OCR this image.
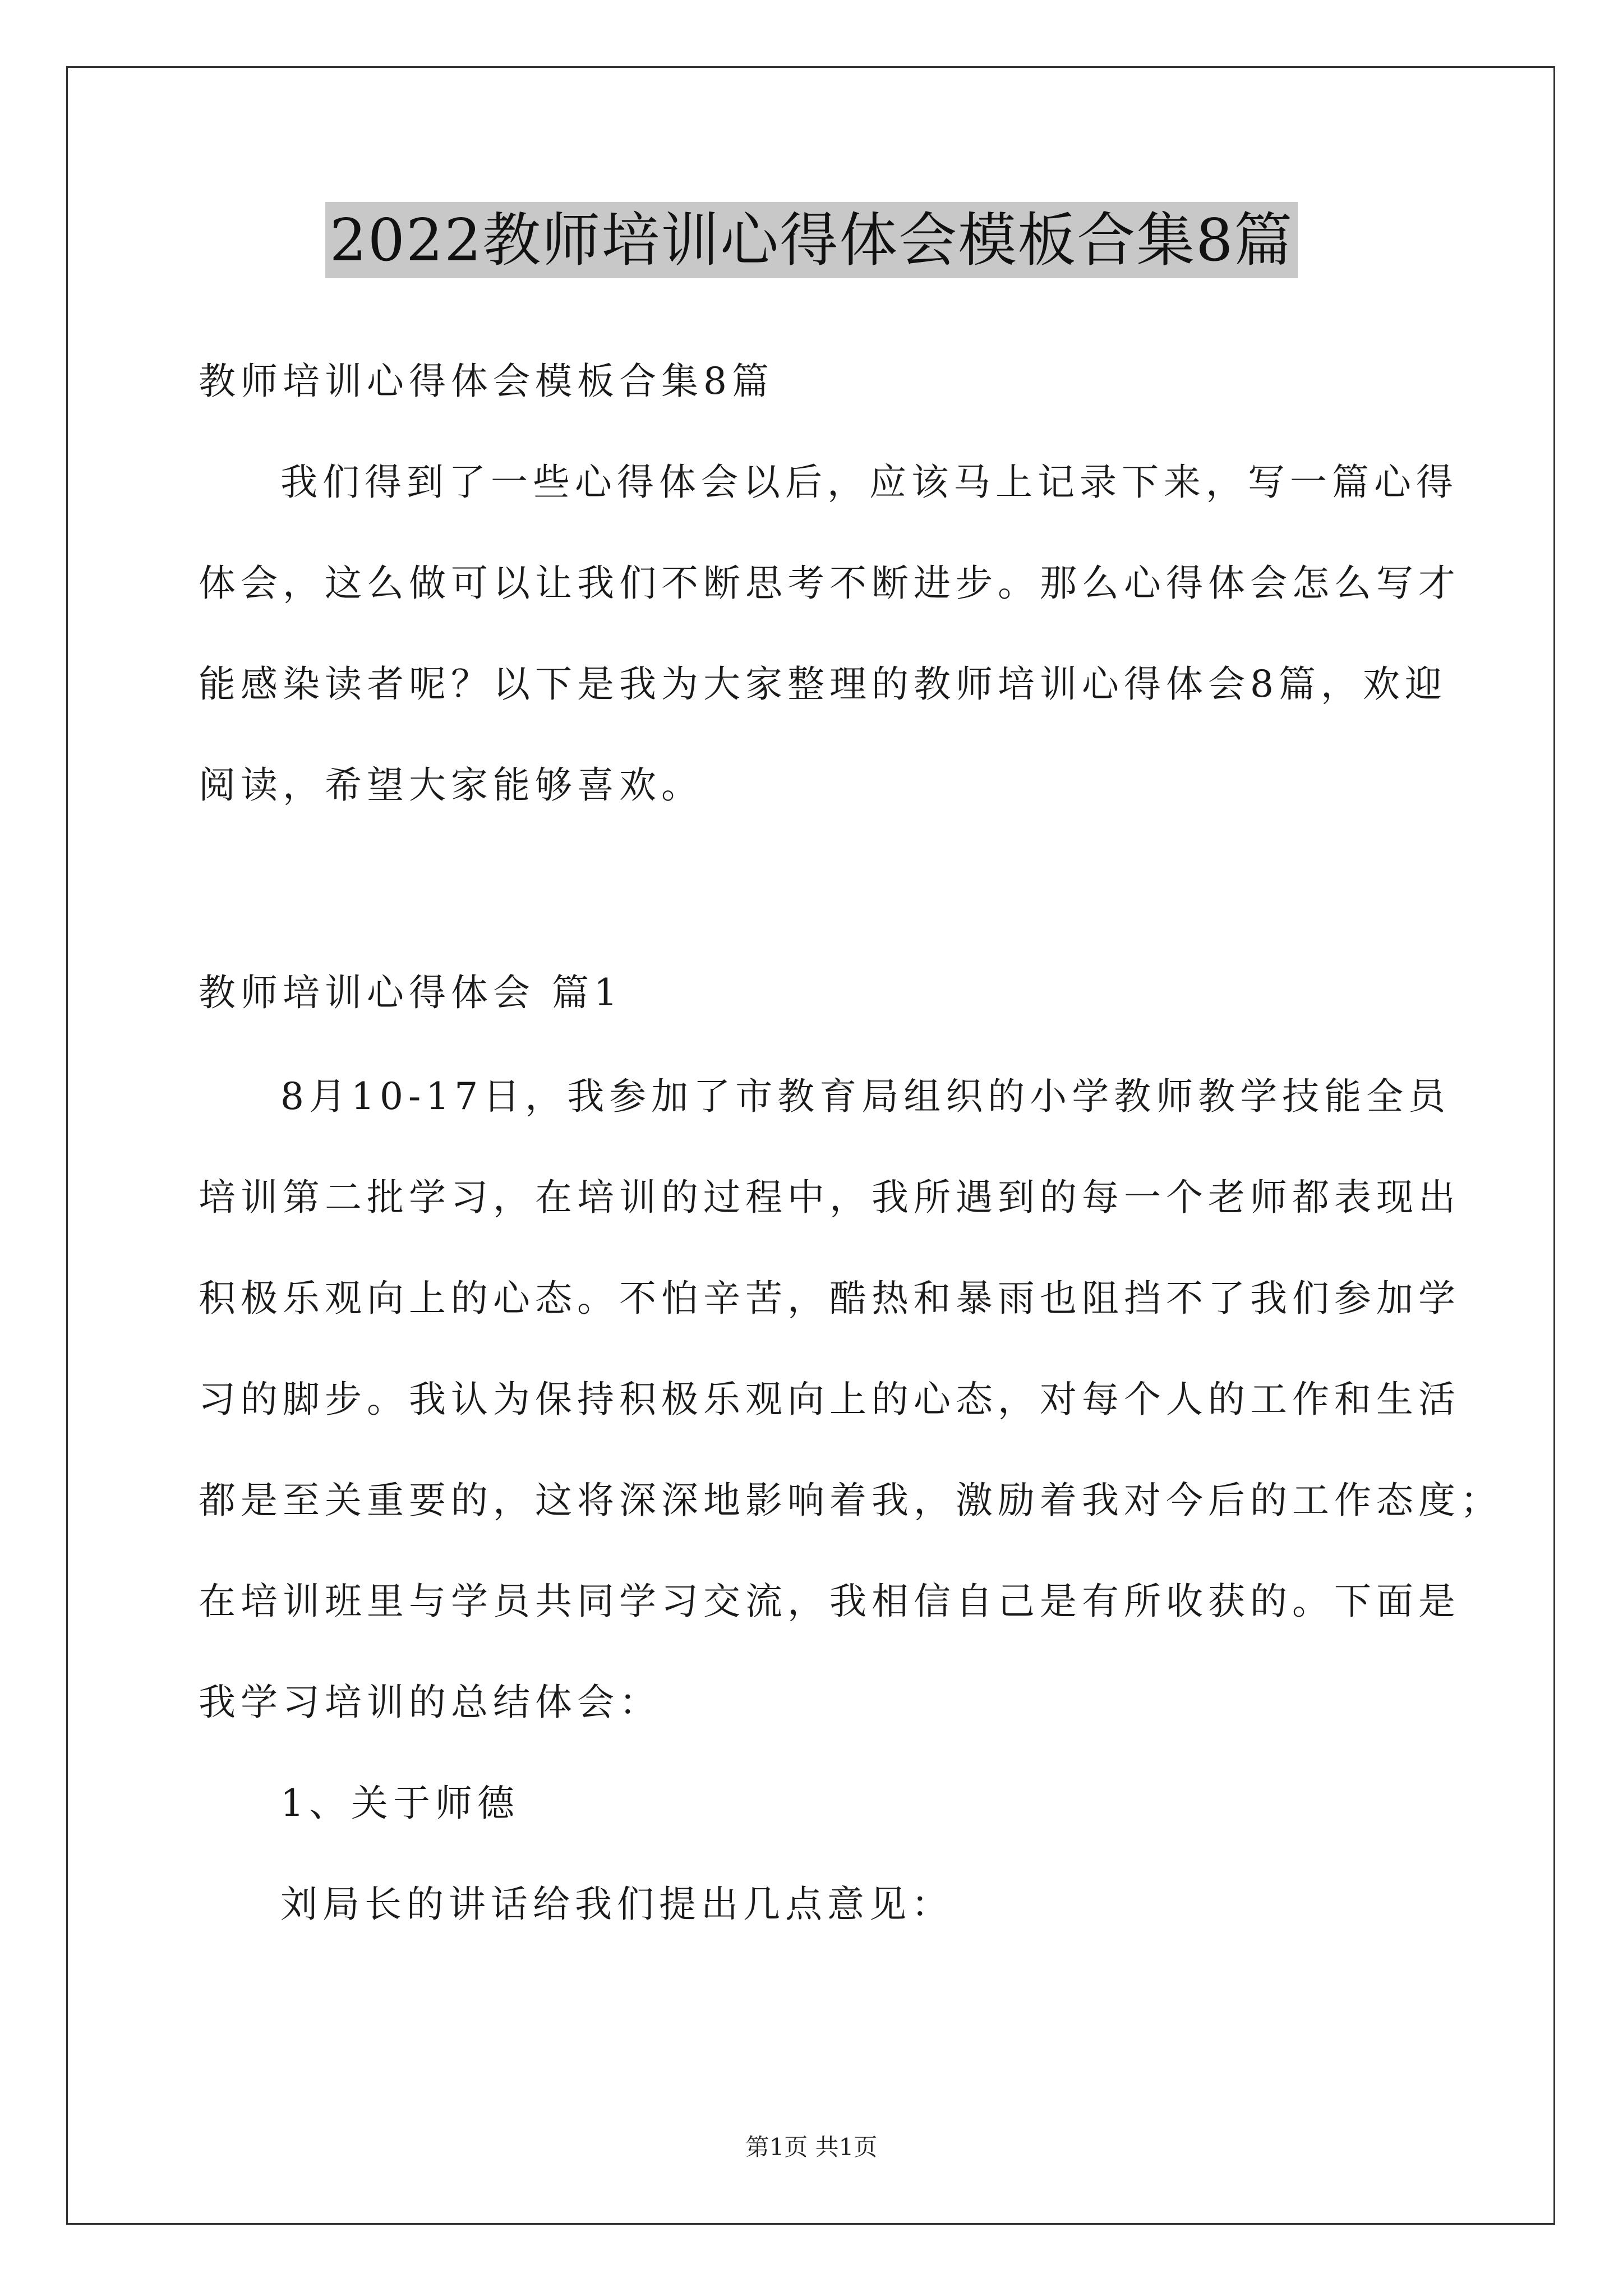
2022教师培训心得体会模板合集8篇
教师培训心得体会模板合集8篇
我们得到了一些心得体会以后，应该马上记录下来，写一篇心得
体会，这么做可以让我们不断思考不断进步。那么心得体会怎么写才
能感染读者呢？以下是我为大家整理的教师培训心得体会8篇，欢迎
阅读，希望大家能够喜欢。
教师培训心得体会 篇1
8月10-17日，我参加了市教育局组织的小学教师教学技能全员
培训第二批学习，在培训的过程中，我所遇到的每一个老师都表现出
积极乐观向上的心态。不怕辛苦，酷热和暴雨也阻挡不了我们参加学
习的脚步。我认为保持积极乐观向上的心态，对每个人的工作和生活
都是至关重要的，这将深深地影响着我，激励着我对今后的工作态度；
在培训班里与学员共同学习交流，我相信自己是有所收获的。下面是
我学习培训的总结体会：
1、关于师德
刘局长的讲话给我们提出几点意见：
第1页 共1页
